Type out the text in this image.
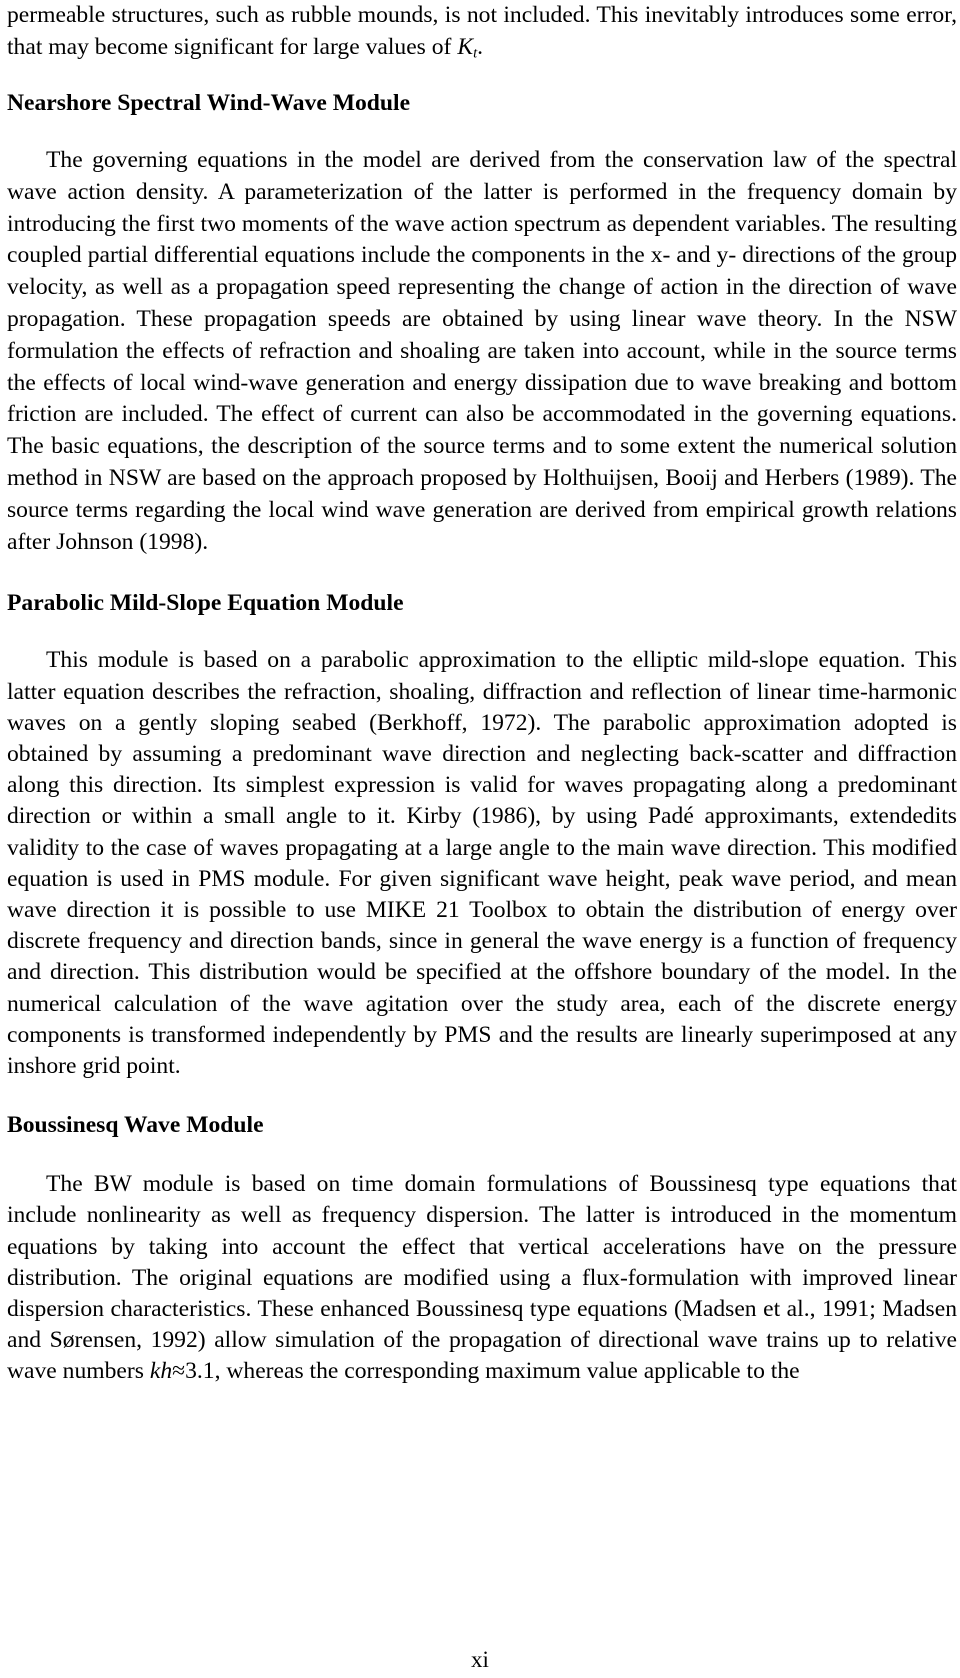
permeable structures, such as rubble mounds, is not included. This inevitably introduces some error, that may become significant for large values of $K_t$.

Nearshore Spectral Wind-Wave Module

The governing equations in the model are derived from the conservation law of the spectral wave action density. A parameterization of the latter is performed in the frequency domain by introducing the first two moments of the wave action spectrum as dependent variables. The resulting coupled partial differential equations include the components in the x- and y- directions of the group velocity, as well as a propagation speed representing the change of action in the direction of wave propagation. These propagation speeds are obtained by using linear wave theory. In the NSW formulation the effects of refraction and shoaling are taken into account, while in the source terms the effects of local wind-wave generation and energy dissipation due to wave breaking and bottom friction are included. The effect of current can also be accommodated in the governing equations. The basic equations, the description of the source terms and to some extent the numerical solution method in NSW are based on the approach proposed by Holthuijsen, Booij and Herbers (1989). The source terms regarding the local wind wave generation are derived from empirical growth relations after Johnson (1998).

Parabolic Mild-Slope Equation Module

This module is based on a parabolic approximation to the elliptic mild-slope equation. This latter equation describes the refraction, shoaling, diffraction and reflection of linear time-harmonic waves on a gently sloping seabed (Berkhoff, 1972). The parabolic approximation adopted is obtained by assuming a predominant wave direction and neglecting back-scatter and diffraction along this direction. Its simplest expression is valid for waves propagating along a predominant direction or within a small angle to it. Kirby (1986), by using Padé approximants, extendedits validity to the case of waves propagating at a large angle to the main wave direction. This modified equation is used in PMS module. For given significant wave height, peak wave period, and mean wave direction it is possible to use MIKE 21 Toolbox to obtain the distribution of energy over discrete frequency and direction bands, since in general the wave energy is a function of frequency and direction. This distribution would be specified at the offshore boundary of the model. In the numerical calculation of the wave agitation over the study area, each of the discrete energy components is transformed independently by PMS and the results are linearly superimposed at any inshore grid point.

Boussinesq Wave Module

The BW module is based on time domain formulations of Boussinesq type equations that include nonlinearity as well as frequency dispersion. The latter is introduced in the momentum equations by taking into account the effect that vertical accelerations have on the pressure distribution. The original equations are modified using a flux-formulation with improved linear dispersion characteristics. These enhanced Boussinesq type equations (Madsen et al., 1991; Madsen and Sørensen, 1992) allow simulation of the propagation of directional wave trains up to relative wave numbers kh≈3.1, whereas the corresponding maximum value applicable to the

xi
